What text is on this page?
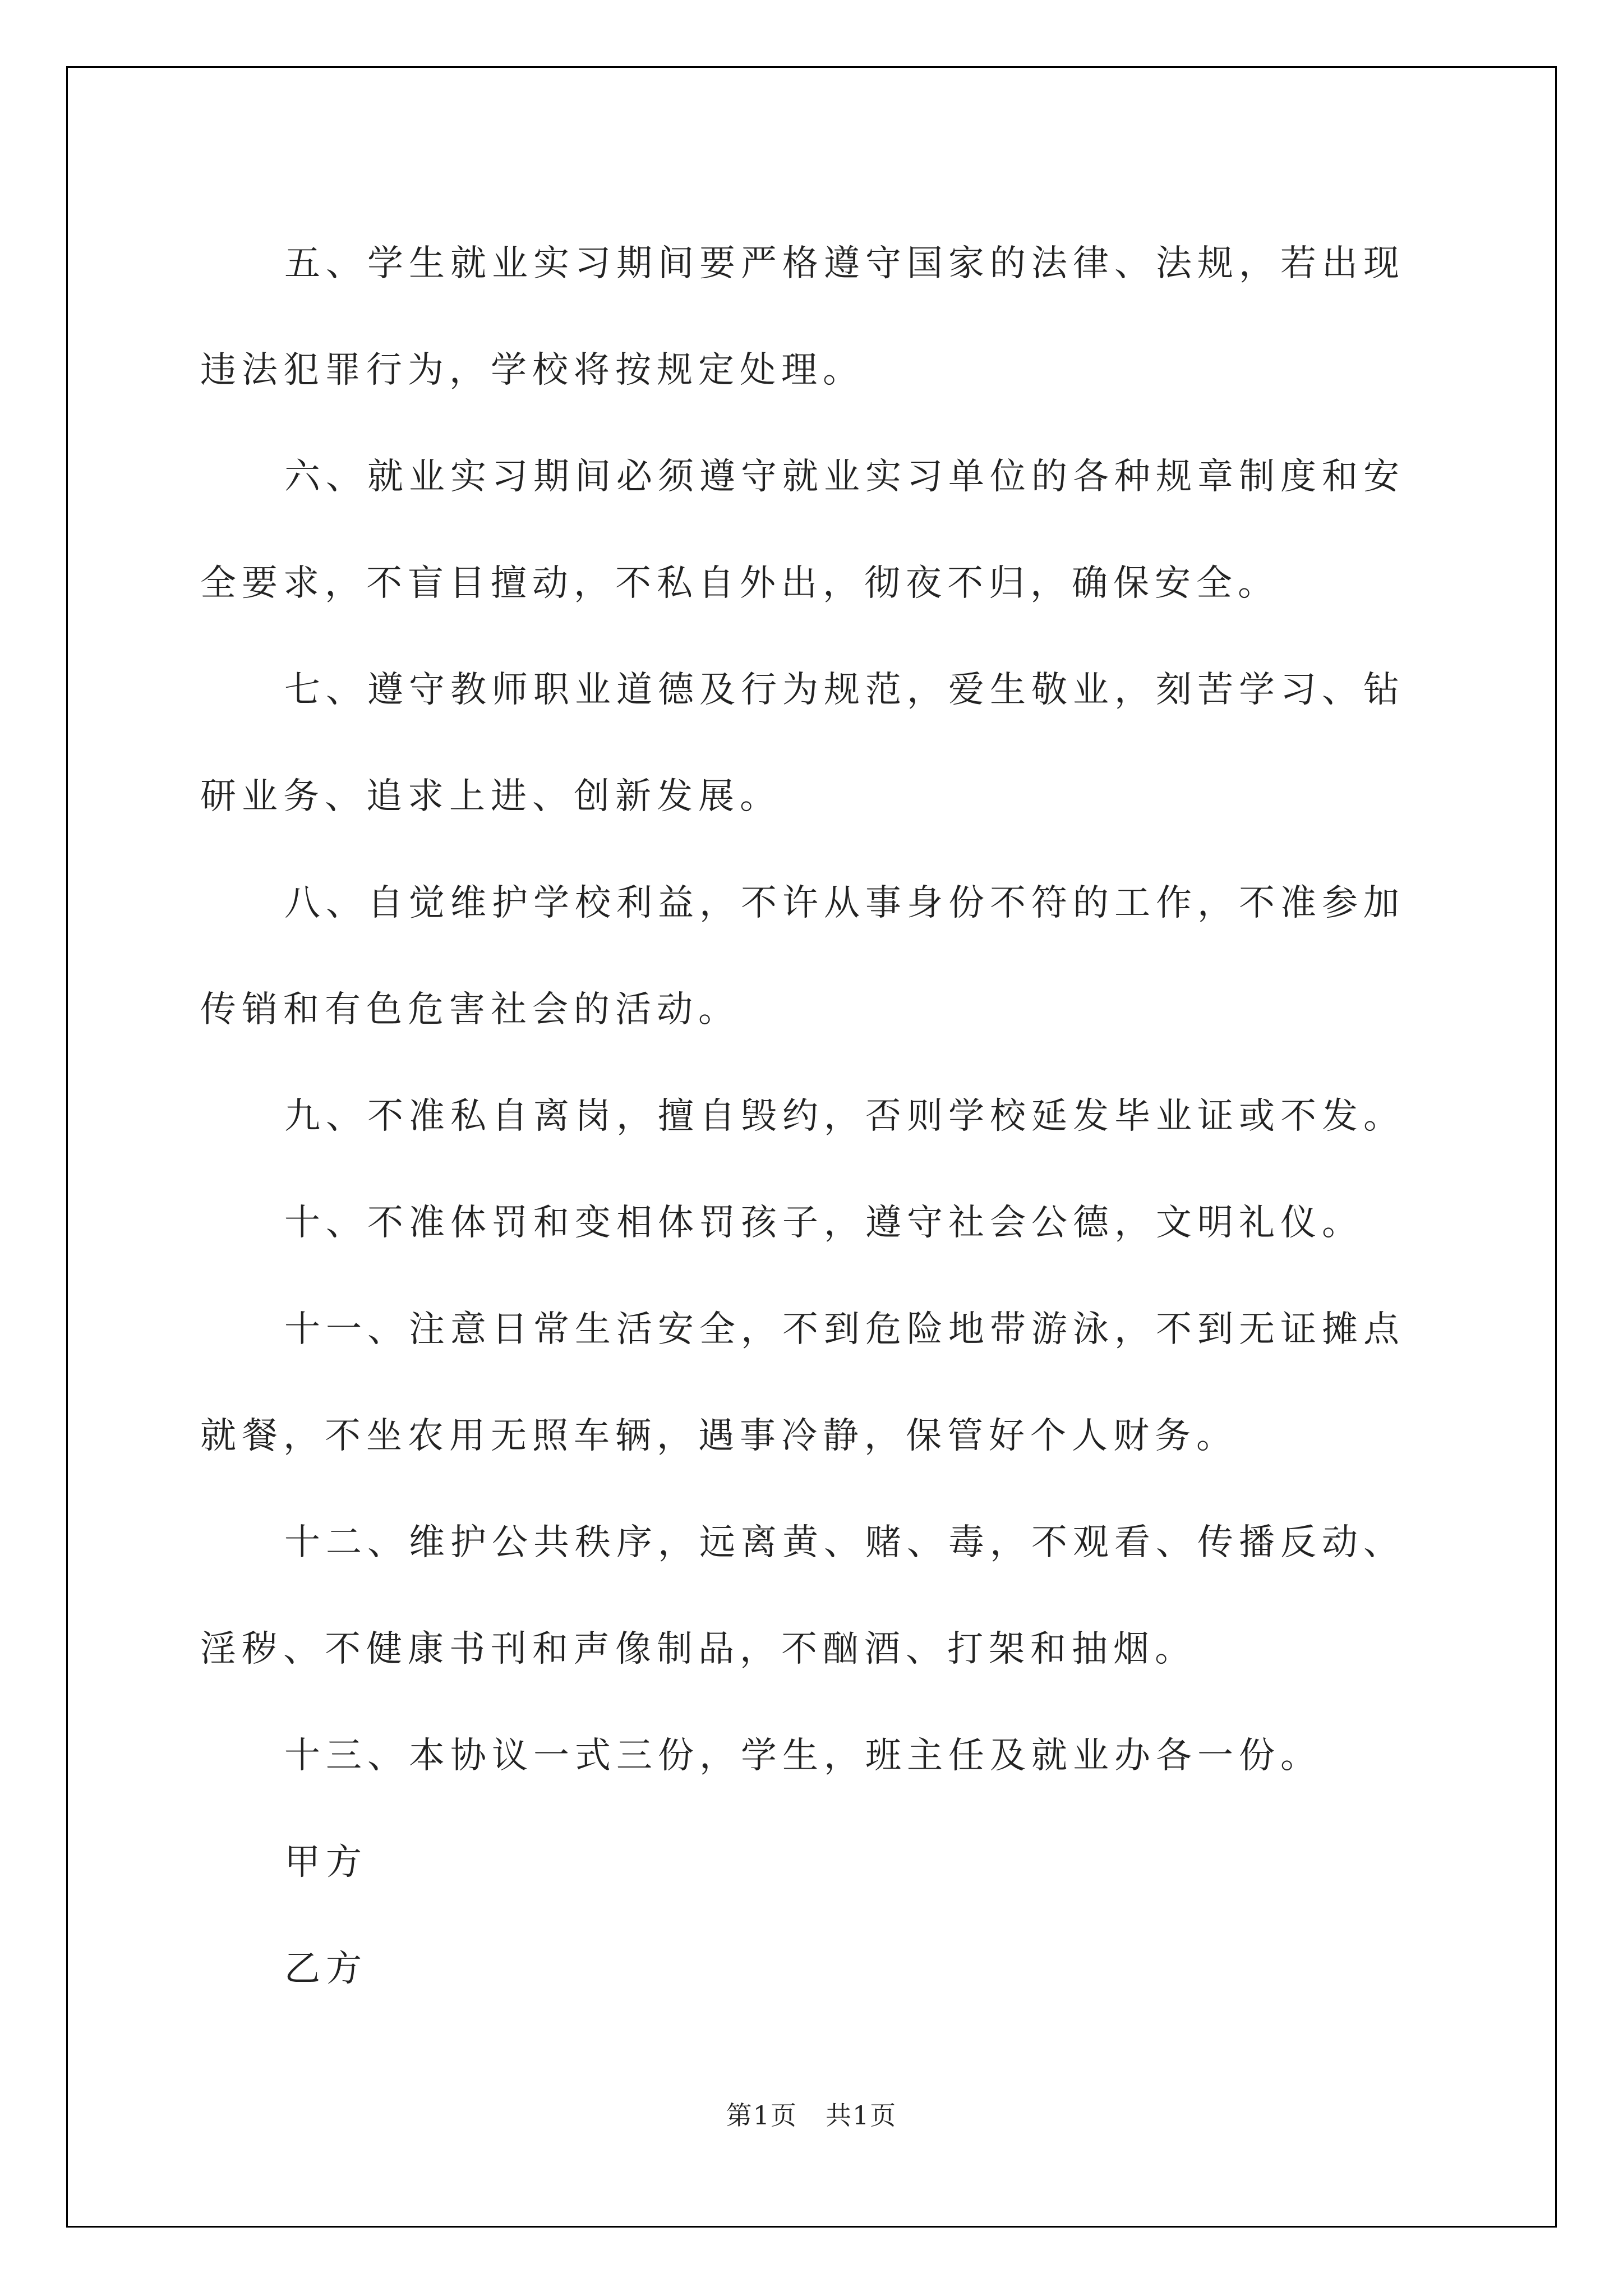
五、学生就业实习期间要严格遵守国家的法律、法规，若出现违法犯罪行为，学校将按规定处理。

六、就业实习期间必须遵守就业实习单位的各种规章制度和安全要求，不盲目擅动，不私自外出，彻夜不归，确保安全。

七、遵守教师职业道德及行为规范，爱生敬业，刻苦学习、钻研业务、追求上进、创新发展。

八、自觉维护学校利益，不许从事身份不符的工作，不准参加传销和有色危害社会的活动。

九、不准私自离岗，擅自毁约，否则学校延发毕业证或不发。

十、不准体罚和变相体罚孩子，遵守社会公德，文明礼仪。

十一、注意日常生活安全，不到危险地带游泳，不到无证摊点就餐，不坐农用无照车辆，遇事冷静，保管好个人财务。

十二、维护公共秩序，远离黄、赌、毒，不观看、传播反动、淫秽、不健康书刊和声像制品，不酗酒、打架和抽烟。

十三、本协议一式三份，学生，班主任及就业办各一份。

甲方

乙方

第1页 共1页
